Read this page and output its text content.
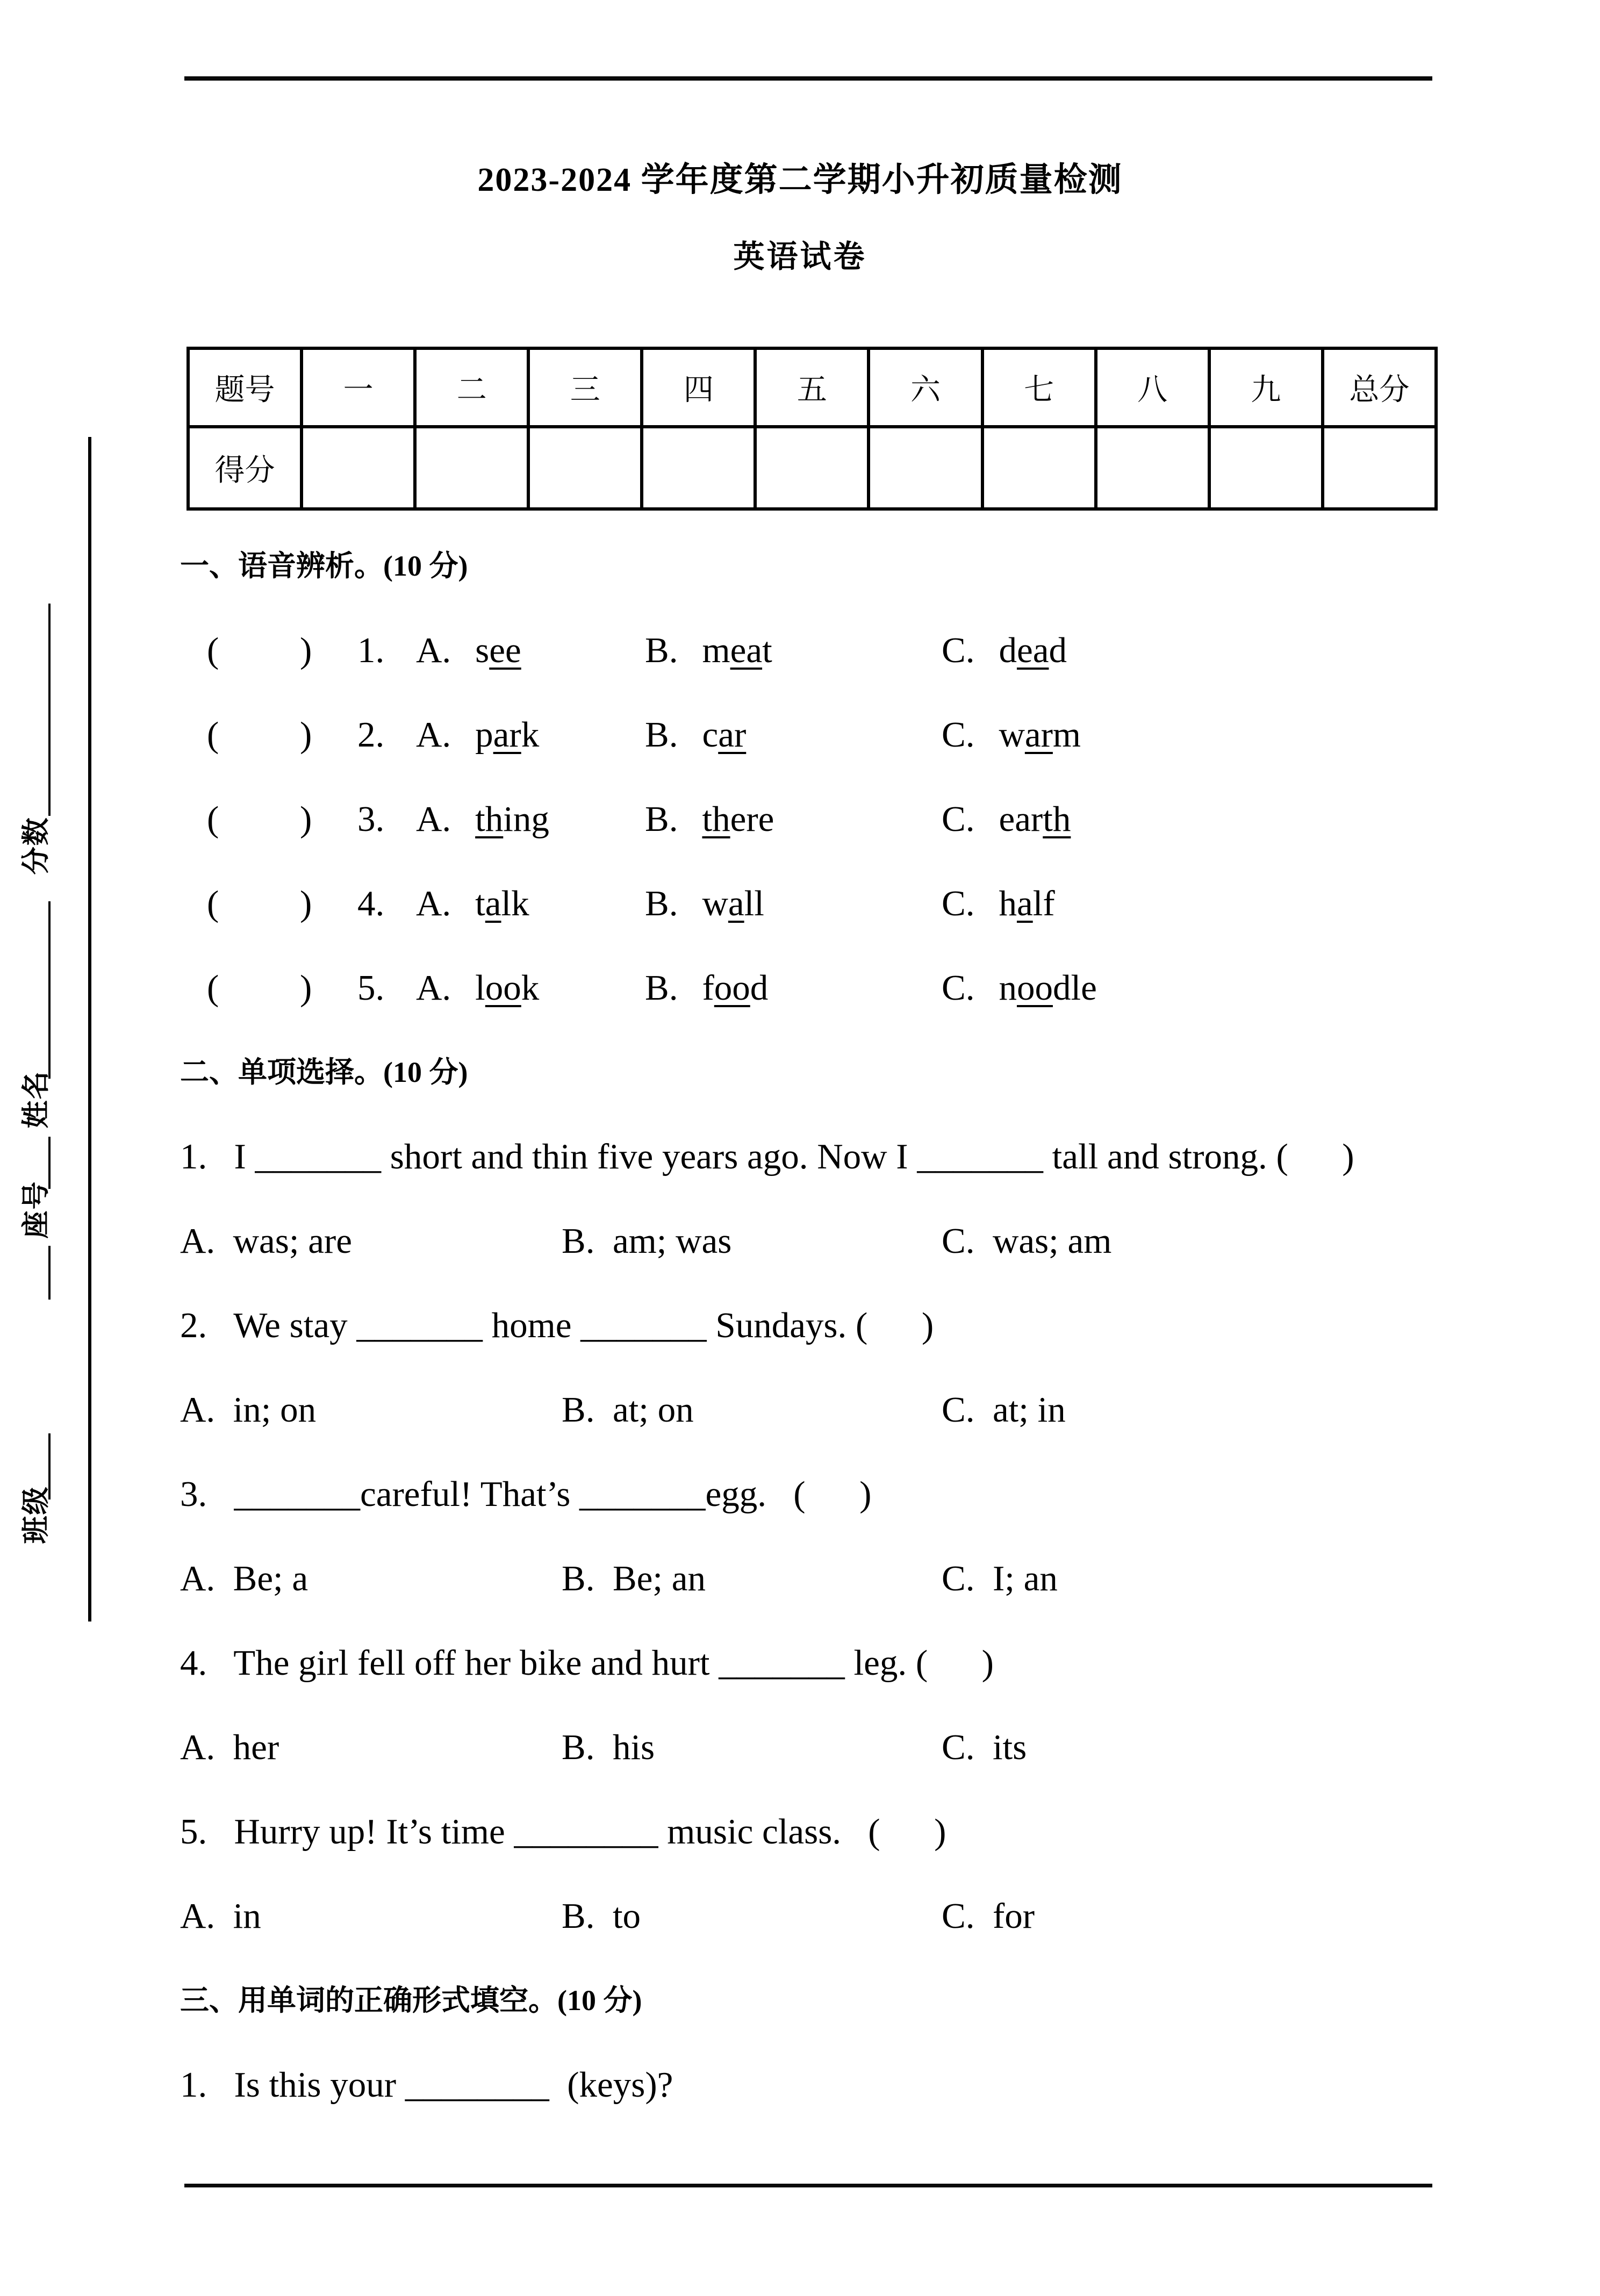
2023-2024 学年度第二学期小升初质量检测
英语试卷
题号	一	二	三	四	五	六	七	八	九	总分
得分										
分数
姓名
座号
班级
一、语音辨析。(10 分)

(         )

1.

A. see

	B. meat

	C. dead

(         )

2.

A. park

	B. car

	C. warm

(         )

3.

A. thing

	B. there

	C. earth

(         )

4.

A. talk

	B. wall

	C. half

(         )

5.

A. look

	B. food

	C. noodle

二、单项选择。(10 分)
1.   I _______ short and thin five years ago. Now I _______ tall and strong. (      )

A.  was; are

	B.  am; was

	C.  was; am

2.   We stay _______ home _______ Sundays. (      )

A.  in; on

	B.  at; on

	C.  at; in

3.   _______careful! That’s _______egg.   (      )

A.  Be; a

	B.  Be; an

	C.  I; an

4.   The girl fell off her bike and hurt _______ leg. (      )

A.  her

	B.  his

	C.  its

5.   Hurry up! It’s time ________ music class.   (      )

A.  in

	B.  to

	C.  for

三、用单词的正确形式填空。(10 分)
1.   Is this your ________  (keys)?
